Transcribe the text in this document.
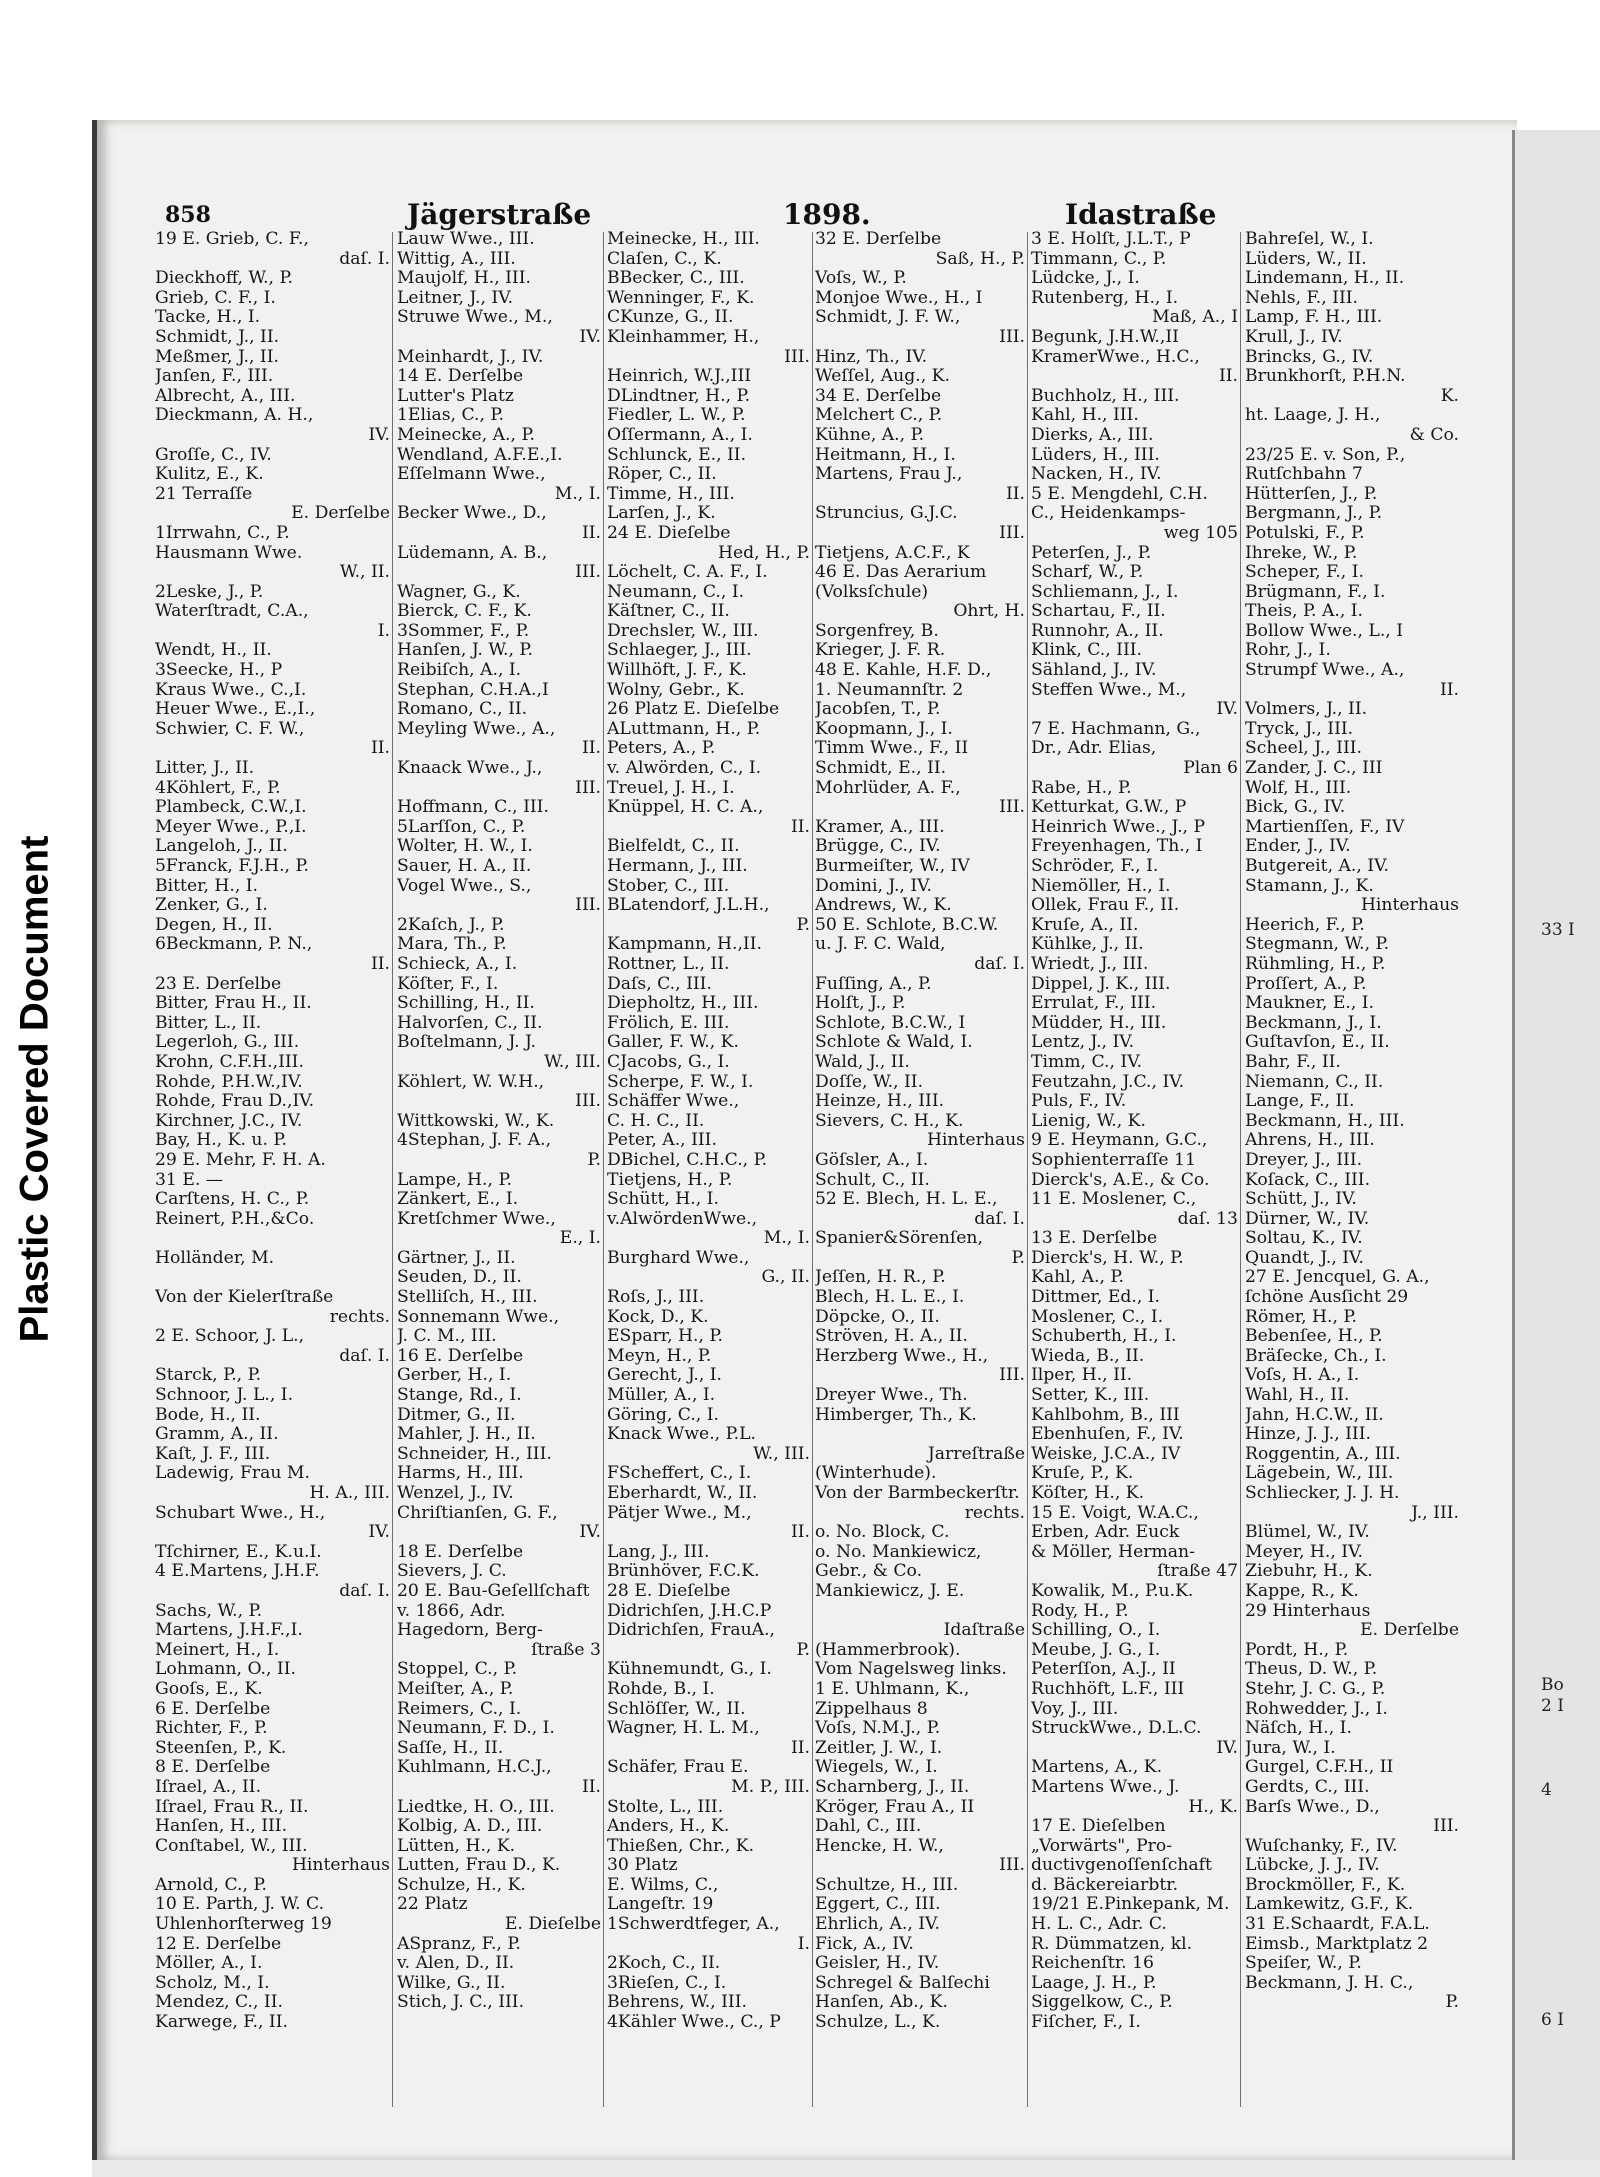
Plastic Covered Document
858	Jägerstraße	1898.	Idastraße
19 E. Grieb, C. F.,
daſ. I.
Dieckhoff, W., P.
Grieb, C. F., I.
Tacke, H., I.
Schmidt, J., II.
Meßmer, J., II.
Janſen, F., III.
Albrecht, A., III.
Dieckmann, A. H.,
IV.
Groſſe, C., IV.
Kulitz, E., K.
21 Terraſſe
E. Derſelbe
1Irrwahn, C., P.
Hausmann Wwe.
W., II.
2Leske, J., P.
Waterſtradt, C.A.,
I.
Wendt, H., II.
3Seecke, H., P
Kraus Wwe., C.,I.
Heuer Wwe., E.,I.,
Schwier, C. F. W.,
II.
Litter, J., II.
4Köhlert, F., P.
Plambeck, C.W.,I.
Meyer Wwe., P.,I.
Langeloh, J., II.
5Franck, F.J.H., P.
Bitter, H., I.
Zenker, G., I.
Degen, H., II.
6Beckmann, P. N.,
II.
23 E. Derſelbe
Bitter, Frau H., II.
Bitter, L., II.
Legerloh, G., III.
Krohn, C.F.H.,III.
Rohde, P.H.W.,IV.
Rohde, Frau D.,IV.
Kirchner, J.C., IV.
Bay, H., K. u. P.
29 E. Mehr, F. H. A.
31 E. —
Carſtens, H. C., P.
Reinert, P.H.,&Co.
Holländer, M.
Von der Kielerſtraße
rechts.
2 E. Schoor, J. L.,
daſ. I.
Starck, P., P.
Schnoor, J. L., I.
Bode, H., II.
Gramm, A., II.
Kaſt, J. F., III.
Ladewig, Frau M.
H. A., III.
Schubart Wwe., H.,
IV.
Tſchirner, E., K.u.I.
4 E.Martens, J.H.F.
daſ. I.
Sachs, W., P.
Martens, J.H.F.,I.
Meinert, H., I.
Lohmann, O., II.
Gooſs, E., K.
6 E. Derſelbe
Richter, F., P.
Steenſen, P., K.
8 E. Derſelbe
Iſrael, A., II.
Iſrael, Frau R., II.
Hanſen, H., III.
Conſtabel, W., III.
Hinterhaus
Arnold, C., P.
10 E. Parth, J. W. C.
Uhlenhorſterweg 19
12 E. Derſelbe
Möller, A., I.
Scholz, M., I.
Mendez, C., II.
Karwege, F., II.
Lauw Wwe., III.
Wittig, A., III.
Maujolf, H., III.
Leitner, J., IV.
Struwe Wwe., M.,
IV.
Meinhardt, J., IV.
14 E. Derſelbe
Lutter's Platz
1Elias, C., P.
Meinecke, A., P.
Wendland, A.F.E.,I.
Eſſelmann Wwe.,
M., I.
Becker Wwe., D.,
II.
Lüdemann, A. B.,
III.
Wagner, G., K.
Bierck, C. F., K.
3Sommer, F., P.
Hanſen, J. W., P.
Reibiſch, A., I.
Stephan, C.H.A.,I
Romano, C., II.
Meyling Wwe., A.,
II.
Knaack Wwe., J.,
III.
Hoffmann, C., III.
5Larſſon, C., P.
Wolter, H. W., I.
Sauer, H. A., II.
Vogel Wwe., S.,
III.
2Kaſch, J., P.
Mara, Th., P.
Schieck, A., I.
Köſter, F., I.
Schilling, H., II.
Halvorſen, C., II.
Boſtelmann, J. J.
W., III.
Köhlert, W. W.H.,
III.
Wittkowski, W., K.
4Stephan, J. F. A.,
P.
Lampe, H., P.
Zänkert, E., I.
Kretſchmer Wwe.,
E., I.
Gärtner, J., II.
Seuden, D., II.
Stelliſch, H., III.
Sonnemann Wwe.,
J. C. M., III.
16 E. Derſelbe
Gerber, H., I.
Stange, Rd., I.
Ditmer, G., II.
Mahler, J. H., II.
Schneider, H., III.
Harms, H., III.
Wenzel, J., IV.
Chriſtianſen, G. F.,
IV.
18 E. Derſelbe
Sievers, J. C.
20 E. Bau-Geſellſchaft
v. 1866, Adr.
Hagedorn, Berg-
ſtraße 3
Stoppel, C., P.
Meiſter, A., P.
Reimers, C., I.
Neumann, F. D., I.
Saſſe, H., II.
Kuhlmann, H.C.J.,
II.
Liedtke, H. O., III.
Kolbig, A. D., III.
Lütten, H., K.
Lutten, Frau D., K.
Schulze, H., K.
22 Platz
E. Dieſelbe
ASpranz, F., P.
v. Alen, D., II.
Wilke, G., II.
Stich, J. C., III.
Meinecke, H., III.
Claſen, C., K.
BBecker, C., III.
Wenninger, F., K.
CKunze, G., II.
Kleinhammer, H.,
III.
Heinrich, W.J.,III
DLindtner, H., P.
Fiedler, L. W., P.
Oſſermann, A., I.
Schlunck, E., II.
Röper, C., II.
Timme, H., III.
Larſen, J., K.
24 E. Dieſelbe
Hed, H., P.
Löchelt, C. A. F., I.
Neumann, C., I.
Käſtner, C., II.
Drechsler, W., III.
Schlaeger, J., III.
Willhöft, J. F., K.
Wolny, Gebr., K.
26 Platz E. Dieſelbe
ALuttmann, H., P.
Peters, A., P.
v. Alwörden, C., I.
Treuel, J. H., I.
Knüppel, H. C. A.,
II.
Bielfeldt, C., II.
Hermann, J., III.
Stober, C., III.
BLatendorf, J.L.H.,
P.
Kampmann, H.,II.
Rottner, L., II.
Daſs, C., III.
Diepholtz, H., III.
Frölich, E. III.
Galler, F. W., K.
CJacobs, G., I.
Scherpe, F. W., I.
Schäffer Wwe.,
C. H. C., II.
Peter, A., III.
DBichel, C.H.C., P.
Tietjens, H., P.
Schütt, H., I.
v.AlwördenWwe.,
M., I.
Burghard Wwe.,
G., II.
Roſs, J., III.
Kock, D., K.
ESparr, H., P.
Meyn, H., P.
Gerecht, J., I.
Müller, A., I.
Göring, C., I.
Knack Wwe., P.L.
W., III.
FScheffert, C., I.
Eberhardt, W., II.
Pätjer Wwe., M.,
II.
Lang, J., III.
Brünhöver, F.C.K.
28 E. Dieſelbe
Didrichſen, J.H.C.P
Didrichſen, FrauA.,
P.
Kühnemundt, G., I.
Rohde, B., I.
Schlöſſer, W., II.
Wagner, H. L. M.,
II.
Schäfer, Frau E.
M. P., III.
Stolte, L., III.
Anders, H., K.
Thießen, Chr., K.
30 Platz
E. Wilms, C.,
Langeſtr. 19
1Schwerdtfeger, A.,
I.
2Koch, C., II.
3Rieſen, C., I.
Behrens, W., III.
4Kähler Wwe., C., P
32 E. Derſelbe
Saß, H., P.
Voſs, W., P.
Monjoe Wwe., H., I
Schmidt, J. F. W.,
III.
Hinz, Th., IV.
Weſſel, Aug., K.
34 E. Derſelbe
Melchert C., P.
Kühne, A., P.
Heitmann, H., I.
Martens, Frau J.,
II.
Struncius, G.J.C.
III.
Tietjens, A.C.F., K
46 E. Das Aerarium
(Volksſchule)
Ohrt, H.
Sorgenfrey, B.
Krieger, J. F. R.
48 E. Kahle, H.F. D.,
1. Neumannſtr. 2
Jacobſen, T., P.
Koopmann, J., I.
Timm Wwe., F., II
Schmidt, E., II.
Mohrlüder, A. F.,
III.
Kramer, A., III.
Brügge, C., IV.
Burmeiſter, W., IV
Domini, J., IV.
Andrews, W., K.
50 E. Schlote, B.C.W.
u. J. F. C. Wald,
daſ. I.
Fuſſing, A., P.
Holſt, J., P.
Schlote, B.C.W., I
Schlote & Wald, I.
Wald, J., II.
Doſſe, W., II.
Heinze, H., III.
Sievers, C. H., K.
Hinterhaus
Göſsler, A., I.
Schult, C., II.
52 E. Blech, H. L. E.,
daſ. I.
Spanier&Sörenſen,
P.
Jeſſen, H. R., P.
Blech, H. L. E., I.
Döpcke, O., II.
Ströven, H. A., II.
Herzberg Wwe., H.,
III.
Dreyer Wwe., Th.
Himberger, Th., K.
Jarreſtraße
(Winterhude).
Von der Barmbeckerſtr.
rechts.
o. No. Block, C.
o. No. Mankiewicz,
Gebr., & Co.
Mankiewicz, J. E.
Idaſtraße
(Hammerbrook).
Vom Nagelsweg links.
1 E. Uhlmann, K.,
Zippelhaus 8
Voſs, N.M.J., P.
Zeitler, J. W., I.
Wiegels, W., I.
Scharnberg, J., II.
Kröger, Frau A., II
Dahl, C., III.
Hencke, H. W.,
III.
Schultze, H., III.
Eggert, C., III.
Ehrlich, A., IV.
Fick, A., IV.
Geisler, H., IV.
Schregel & Balſechi
Hanſen, Ab., K.
Schulze, L., K.
3 E. Holſt, J.L.T., P
Timmann, C., P.
Lüdcke, J., I.
Rutenberg, H., I.
Maß, A., I
Begunk, J.H.W.,II
KramerWwe., H.C.,
II.
Buchholz, H., III.
Kahl, H., III.
Dierks, A., III.
Lüders, H., III.
Nacken, H., IV.
5 E. Mengdehl, C.H.
C., Heidenkamps-
weg 105
Peterſen, J., P.
Scharf, W., P.
Schliemann, J., I.
Schartau, F., II.
Runnohr, A., II.
Klink, C., III.
Sähland, J., IV.
Steffen Wwe., M.,
IV.
7 E. Hachmann, G.,
Dr., Adr. Elias,
Plan 6
Rabe, H., P.
Ketturkat, G.W., P
Heinrich Wwe., J., P
Freyenhagen, Th., I
Schröder, F., I.
Niemöller, H., I.
Ollek, Frau F., II.
Kruſe, A., II.
Kühlke, J., II.
Wriedt, J., III.
Dippel, J. K., III.
Errulat, F., III.
Müdder, H., III.
Lentz, J., IV.
Timm, C., IV.
Feutzahn, J.C., IV.
Puls, F., IV.
Lienig, W., K.
9 E. Heymann, G.C.,
Sophienterraſſe 11
Dierck's, A.E., & Co.
11 E. Moslener, C.,
daſ. 13
13 E. Derſelbe
Dierck's, H. W., P.
Kahl, A., P.
Dittmer, Ed., I.
Moslener, C., I.
Schuberth, H., I.
Wieda, B., II.
Ilper, H., II.
Setter, K., III.
Kahlbohm, B., III
Ebenhuſen, F., IV.
Weiske, J.C.A., IV
Kruſe, P., K.
Köſter, H., K.
15 E. Voigt, W.A.C.,
Erben, Adr. Euck
& Möller, Herman-
ſtraße 47
Kowalik, M., P.u.K.
Rody, H., P.
Schilling, O., I.
Meube, J. G., I.
Peterſſon, A.J., II
Ruchhöft, L.F., III
Voy, J., III.
StruckWwe., D.L.C.
IV.
Martens, A., K.
Martens Wwe., J.
H., K.
17 E. Dieſelben
„Vorwärts", Pro-
ductivgenoſſenſchaft
d. Bäckereiarbtr.
19/21 E.Pinkepank, M.
H. L. C., Adr. C.
R. Dümmatzen, kl.
Reichenſtr. 16
Laage, J. H., P.
Siggelkow, C., P.
Fiſcher, F., I.
Bahreſel, W., I.
Lüders, W., II.
Lindemann, H., II.
Nehls, F., III.
Lamp, F. H., III.
Krull, J., IV.
Brincks, G., IV.
Brunkhorſt, P.H.N.
K.
ht. Laage, J. H.,
& Co.
23/25 E. v. Son, P.,
Rutſchbahn 7
Hütterſen, J., P.
Bergmann, J., P.
Potulski, F., P.
Ihreke, W., P.
Scheper, F., I.
Brügmann, F., I.
Theis, P. A., I.
Bollow Wwe., L., I
Rohr, J., I.
Strumpf Wwe., A.,
II.
Volmers, J., II.
Tryck, J., III.
Scheel, J., III.
Zander, J. C., III
Wolf, H., III.
Bick, G., IV.
Martienſſen, F., IV
Ender, J., IV.
Butgereit, A., IV.
Stamann, J., K.
Hinterhaus
Heerich, F., P.
Stegmann, W., P.
Rühmling, H., P.
Proſſert, A., P.
Maukner, E., I.
Beckmann, J., I.
Guſtavſon, E., II.
Bahr, F., II.
Niemann, C., II.
Lange, F., II.
Beckmann, H., III.
Ahrens, H., III.
Dreyer, J., III.
Koſack, C., III.
Schütt, J., IV.
Dürner, W., IV.
Soltau, K., IV.
Quandt, J., IV.
27 E. Jencquel, G. A.,
ſchöne Ausſicht 29
Römer, H., P.
Bebenſee, H., P.
Bräſecke, Ch., I.
Voſs, H. A., I.
Wahl, H., II.
Jahn, H.C.W., II.
Hinze, J. J., III.
Roggentin, A., III.
Lägebein, W., III.
Schliecker, J. J. H.
J., III.
Blümel, W., IV.
Meyer, H., IV.
Ziebuhr, H., K.
Kappe, R., K.
29 Hinterhaus
E. Derſelbe
Pordt, H., P.
Theus, D. W., P.
Stehr, J. C. G., P.
Rohwedder, J., I.
Näſch, H., I.
Jura, W., I.
Gurgel, C.F.H., II
Gerdts, C., III.
Barſs Wwe., D.,
III.
Wuſchanky, F., IV.
Lübcke, J. J., IV.
Brockmöller, F., K.
Lamkewitz, G.F., K.
31 E.Schaardt, F.A.L.
Eimsb., Marktplatz 2
Speiſer, W., P.
Beckmann, J. H. C.,
P.
33 I
Bo
2 I
4
6 I
